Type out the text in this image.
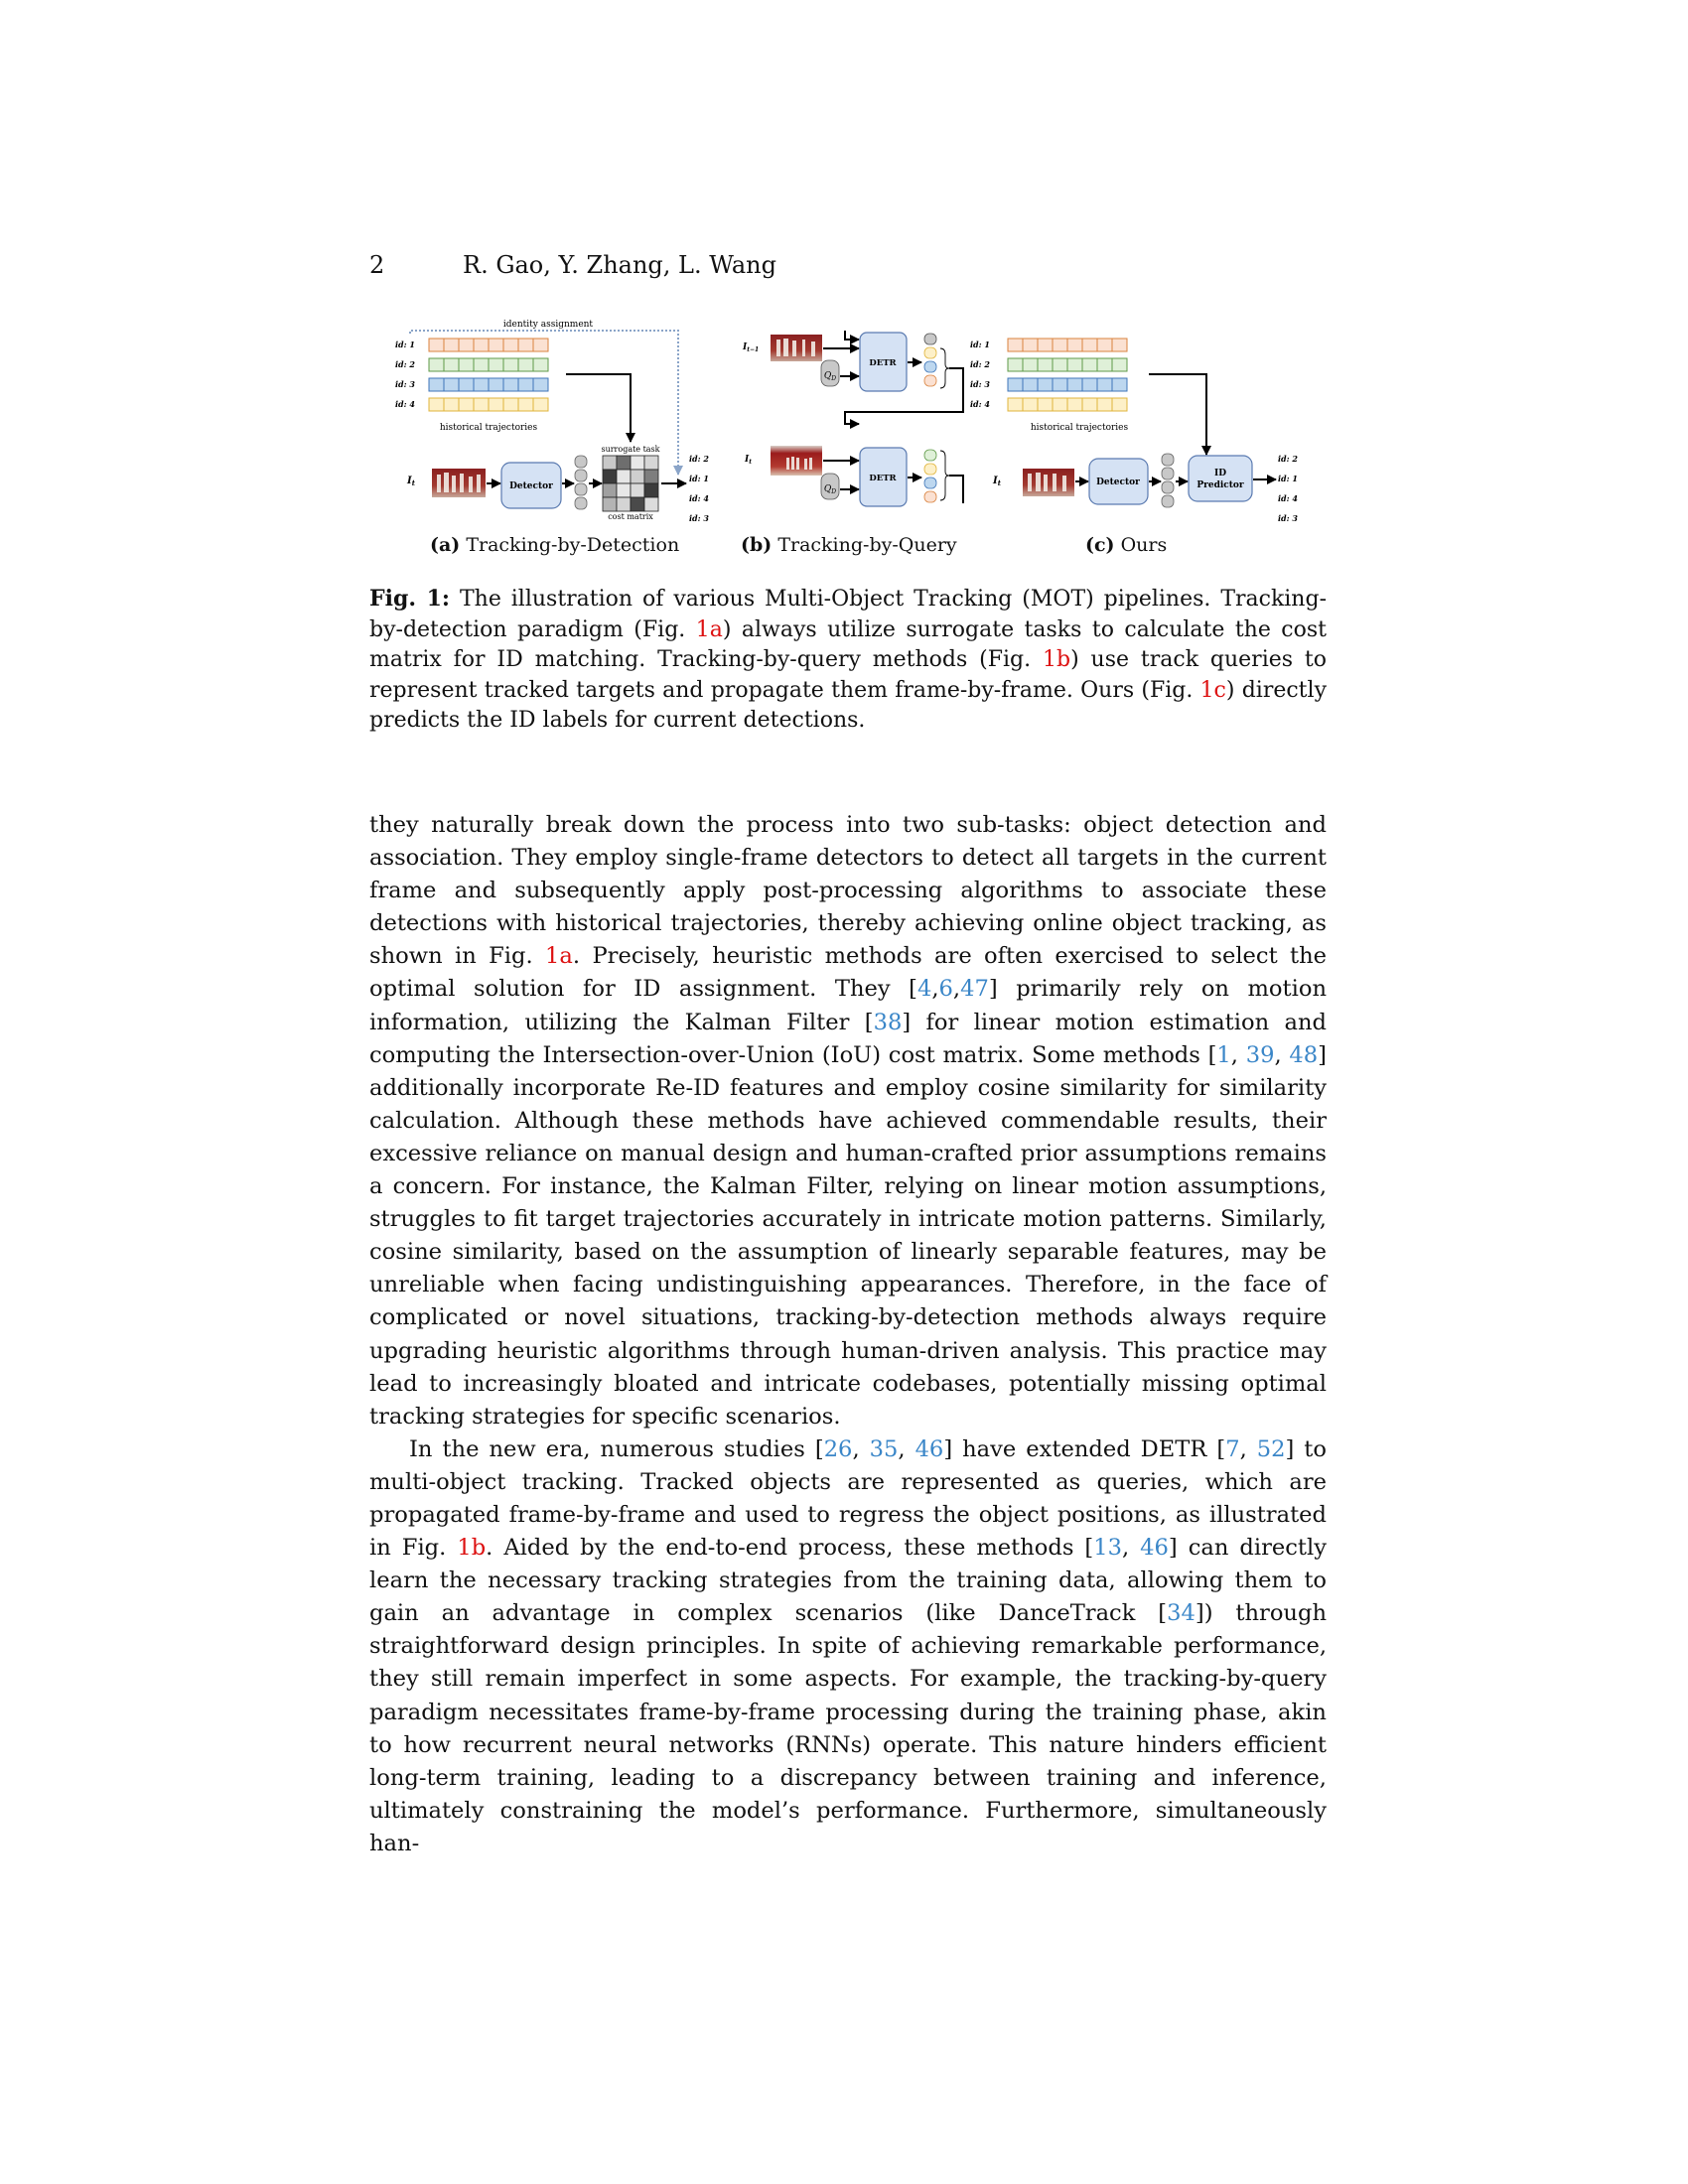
2	R. Gao, Y. Zhang, L. Wang
identity assignment
id: 1
id: 2
id: 3
id: 4
historical trajectories
$I_t$	Detector
surrogate task
cost matrix
id: 2
id: 1
id: 4
id: 3
$I_{t-1}$
$Q_D$
DETR
$I_t$
$Q_D$
DETR
id: 1
id: 2
id: 3
id: 4
historical trajectories
$I_t$	Detector
ID
Predictor
id: 2
id: 1
id: 4
id: 3
(a) Tracking-by-Detection	(b) Tracking-by-Query	(c) Ours
Fig. 1: The illustration of various Multi-Object Tracking (MOT) pipelines. Tracking-by-detection paradigm (Fig. 1a) always utilize surrogate tasks to calculate the cost matrix for ID matching. Tracking-by-query methods (Fig. 1b) use track queries to represent tracked targets and propagate them frame-by-frame. Ours (Fig. 1c) directly predicts the ID labels for current detections.

they naturally break down the process into two sub-tasks: object detection and association. They employ single-frame detectors to detect all targets in the current frame and subsequently apply post-processing algorithms to associate these detections with historical trajectories, thereby achieving online object tracking, as shown in Fig. 1a. Precisely, heuristic methods are often exercised to select the optimal solution for ID assignment. They [4,6,47] primarily rely on motion information, utilizing the Kalman Filter [38] for linear motion estimation and computing the Intersection-over-Union (IoU) cost matrix. Some methods [1, 39, 48] additionally incorporate Re-ID features and employ cosine similarity for similarity calculation. Although these methods have achieved commendable results, their excessive reliance on manual design and human-crafted prior assumptions remains a concern. For instance, the Kalman Filter, relying on linear motion assumptions, struggles to fit target trajectories accurately in intricate motion patterns. Similarly, cosine similarity, based on the assumption of linearly separable features, may be unreliable when facing undistinguishing appearances. Therefore, in the face of complicated or novel situations, tracking-by-detection methods always require upgrading heuristic algorithms through human-driven analysis. This practice may lead to increasingly bloated and intricate codebases, potentially missing optimal tracking strategies for specific scenarios.

In the new era, numerous studies [26, 35, 46] have extended DETR [7, 52] to multi-object tracking. Tracked objects are represented as queries, which are propagated frame-by-frame and used to regress the object positions, as illustrated in Fig. 1b. Aided by the end-to-end process, these methods [13, 46] can directly learn the necessary tracking strategies from the training data, allowing them to gain an advantage in complex scenarios (like DanceTrack [34]) through straightforward design principles. In spite of achieving remarkable performance, they still remain imperfect in some aspects. For example, the tracking-by-query paradigm necessitates frame-by-frame processing during the training phase, akin to how recurrent neural networks (RNNs) operate. This nature hinders efficient long-term training, leading to a discrepancy between training and inference, ultimately constraining the model’s performance. Furthermore, simultaneously han-
